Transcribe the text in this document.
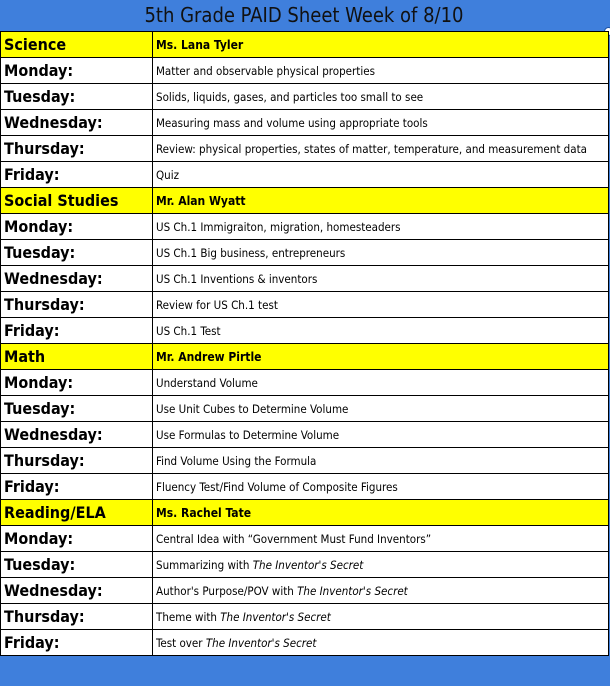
5th Grade PAID Sheet Week of 8/10
Science	Ms. Lana Tyler
Monday:	Matter and observable physical properties
Tuesday:	Solids, liquids, gases, and particles too small to see
Wednesday:	Measuring mass and volume using appropriate tools
Thursday:	Review: physical properties, states of matter, temperature, and measurement data
Friday:	Quiz
Social Studies	Mr. Alan Wyatt
Monday:	US Ch.1 Immigraiton, migration, homesteaders
Tuesday:	US Ch.1 Big business, entrepreneurs
Wednesday:	US Ch.1 Inventions & inventors
Thursday:	Review for US Ch.1 test
Friday:	US Ch.1 Test
Math	Mr. Andrew Pirtle
Monday:	Understand Volume
Tuesday:	Use Unit Cubes to Determine Volume
Wednesday:	Use Formulas to Determine Volume
Thursday:	Find Volume Using the Formula
Friday:	Fluency Test/Find Volume of Composite Figures
Reading/ELA	Ms. Rachel Tate
Monday:	Central Idea with “Government Must Fund Inventors”
Tuesday:	Summarizing with The Inventor's Secret
Wednesday:	Author's Purpose/POV with The Inventor's Secret
Thursday:	Theme with The Inventor's Secret
Friday:	Test over The Inventor's Secret
